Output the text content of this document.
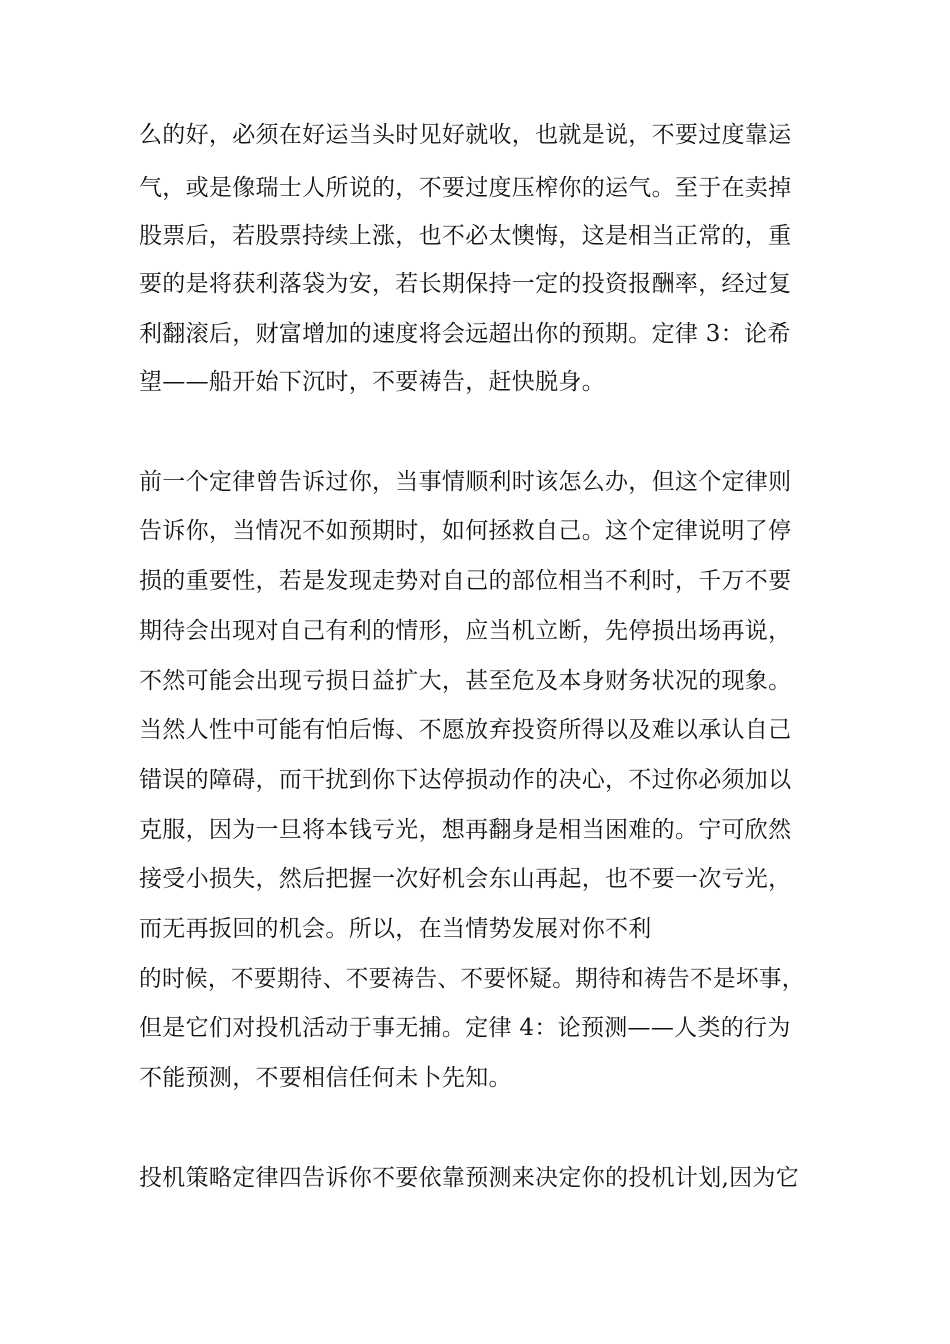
么的好，必须在好运当头时见好就收，也就是说，不要过度靠运
气，或是像瑞士人所说的，不要过度压榨你的运气。至于在卖掉
股票后，若股票持续上涨，也不必太懊悔，这是相当正常的，重
要的是将获利落袋为安，若长期保持一定的投资报酬率，经过复
利翻滚后，财富增加的速度将会远超出你的预期。定律 3：论希
望——船开始下沉时，不要祷告，赶快脱身。
前一个定律曾告诉过你，当事情顺利时该怎么办，但这个定律则
告诉你，当情况不如预期时，如何拯救自己。这个定律说明了停
损的重要性，若是发现走势对自己的部位相当不利时，千万不要
期待会出现对自己有利的情形，应当机立断，先停损出场再说，
不然可能会出现亏损日益扩大，甚至危及本身财务状况的现象。
当然人性中可能有怕后悔、不愿放弃投资所得以及难以承认自己
错误的障碍，而干扰到你下达停损动作的决心，不过你必须加以
克服，因为一旦将本钱亏光，想再翻身是相当困难的。宁可欣然
接受小损失，然后把握一次好机会东山再起，也不要一次亏光，
而无再扳回的机会。所以，在当情势发展对你不利
的时候，不要期待、不要祷告、不要怀疑。期待和祷告不是坏事，
但是它们对投机活动于事无捕。定律 4：论预测——人类的行为
不能预测，不要相信任何未卜先知。
投机策略定律四告诉你不要依靠预测来决定你的投机计划,因为它
